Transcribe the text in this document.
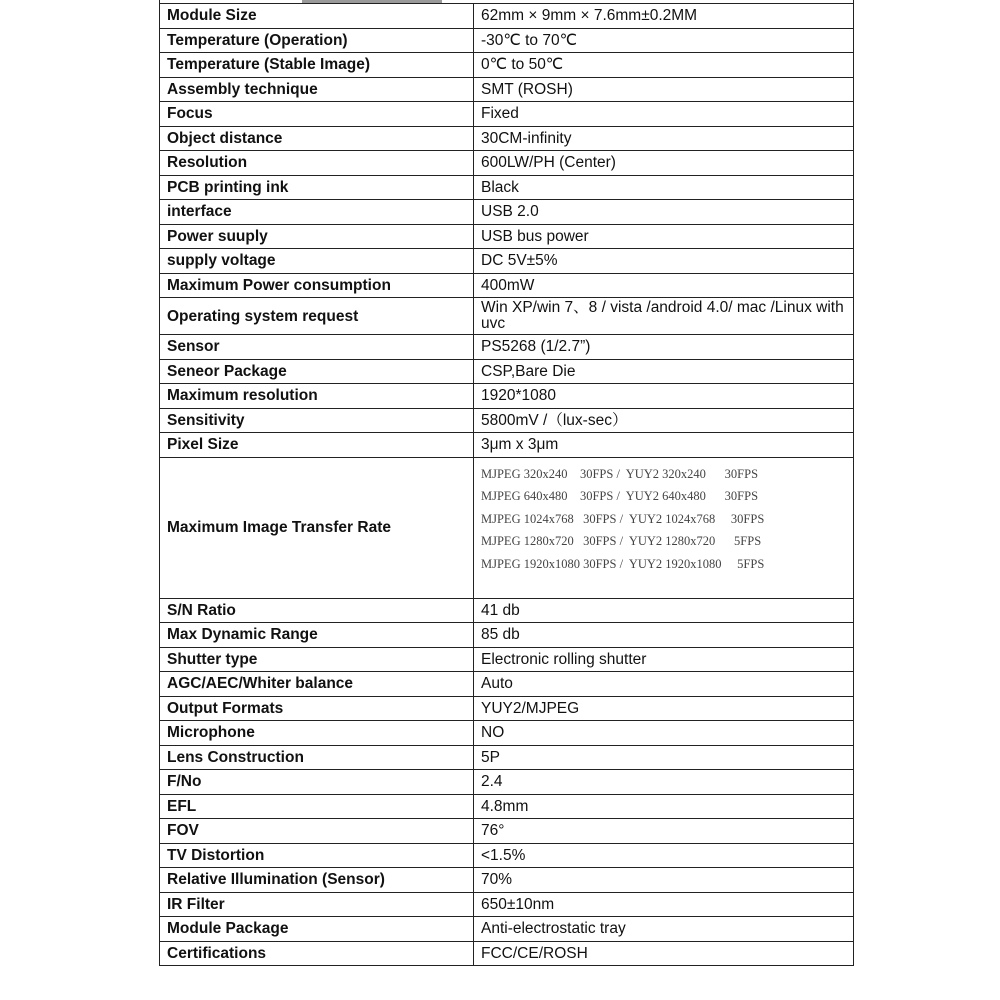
Module Size	62mm × 9mm × 7.6mm±0.2MM
Temperature (Operation)	-30℃ to 70℃
Temperature (Stable Image)	0℃ to 50℃
Assembly technique	SMT (ROSH)
Focus	Fixed
Object distance	30CM-infinity
Resolution	600LW/PH (Center)
PCB printing ink	Black
interface	USB 2.0
Power suuply	USB bus power
supply voltage	DC 5V±5%
Maximum Power consumption	400mW
Operating system request	Win XP/win 7、8 / vista /android 4.0/ mac /Linux with uvc
Sensor	PS5268 (1/2.7”)
Seneor Package	CSP,Bare Die
Maximum resolution	1920*1080
Sensitivity	5800mV /（lux-sec）
Pixel Size	3μm x 3μm
Maximum Image Transfer Rate	MJPEG 320x240    30FPS /  YUY2 320x240      30FPS
MJPEG 640x480    30FPS /  YUY2 640x480      30FPS
MJPEG 1024x768   30FPS /  YUY2 1024x768     30FPS
MJPEG 1280x720   30FPS /  YUY2 1280x720      5FPS
MJPEG 1920x1080 30FPS /  YUY2 1920x1080     5FPS

S/N Ratio	41 db
Max Dynamic Range	85 db
Shutter type	Electronic rolling shutter
AGC/AEC/Whiter balance	Auto
Output Formats	YUY2/MJPEG
Microphone	NO
Lens Construction	5P
F/No	2.4
EFL	4.8mm
FOV	76°
TV Distortion	<1.5%
Relative Illumination (Sensor)	70%
IR Filter	650±10nm
Module Package	Anti-electrostatic tray
Certifications	FCC/CE/ROSH
